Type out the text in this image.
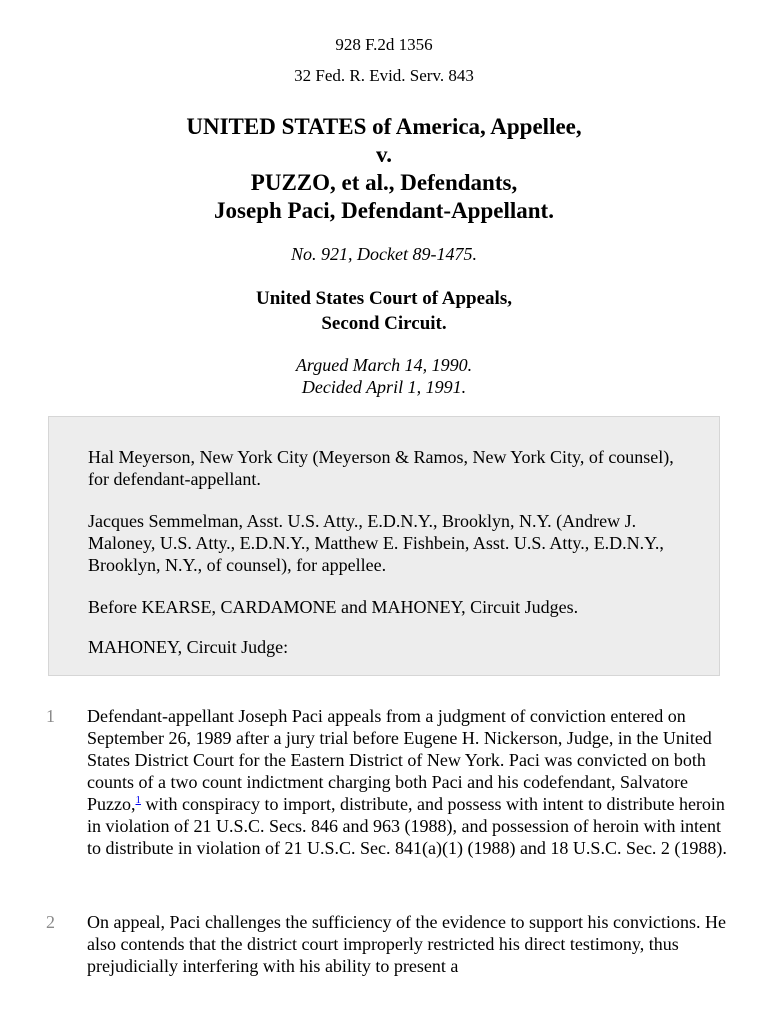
928 F.2d 1356
32 Fed. R. Evid. Serv. 843
UNITED STATES of America, Appellee,
v.
PUZZO, et al., Defendants,
Joseph Paci, Defendant-Appellant.
No. 921, Docket 89-1475.
United States Court of Appeals,
Second Circuit.
Argued March 14, 1990.
Decided April 1, 1991.

Hal Meyerson, New York City (Meyerson & Ramos, New York City, of counsel), for defendant-appellant.

Jacques Semmelman, Asst. U.S. Atty., E.D.N.Y., Brooklyn, N.Y. (Andrew J. Maloney, U.S. Atty., E.D.N.Y., Matthew E. Fishbein, Asst. U.S. Atty., E.D.N.Y., Brooklyn, N.Y., of counsel), for appellee.

Before KEARSE, CARDAMONE and MAHONEY, Circuit Judges.

MAHONEY, Circuit Judge:

1 Defendant-appellant Joseph Paci appeals from a judgment of conviction entered on September 26, 1989 after a jury trial before Eugene H. Nickerson, Judge, in the United States District Court for the Eastern District of New York. Paci was convicted on both counts of a two count indictment charging both Paci and his codefendant, Salvatore Puzzo,$^1$ with conspiracy to import, distribute, and possess with intent to distribute heroin in violation of 21 U.S.C. Secs. 846 and 963 (1988), and possession of heroin with intent to distribute in violation of 21 U.S.C. Sec. 841(a)(1) (1988) and 18 U.S.C. Sec. 2 (1988).
2 On appeal, Paci challenges the sufficiency of the evidence to support his convictions. He also contends that the district court improperly restricted his direct testimony, thus prejudicially interfering with his ability to present a
